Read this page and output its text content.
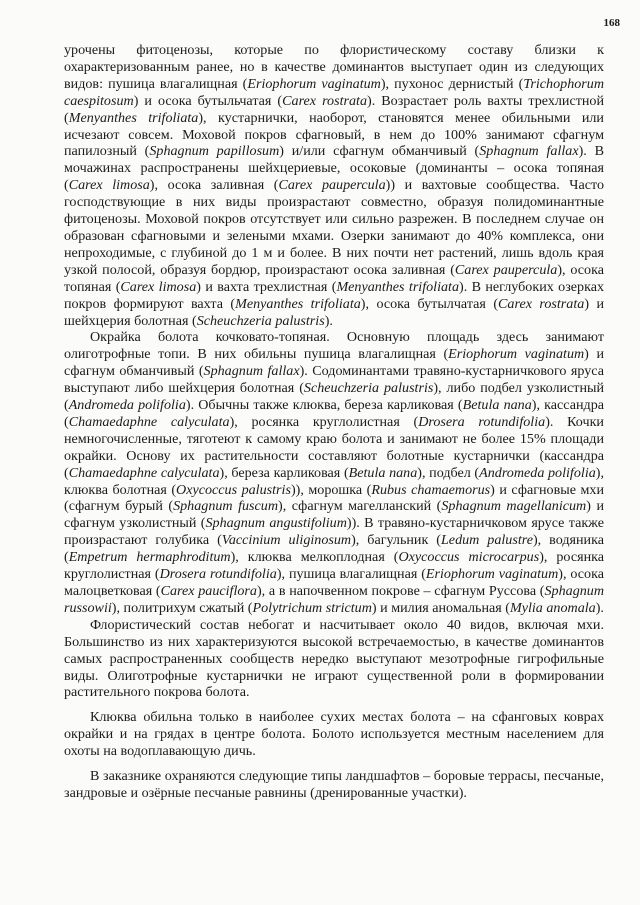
168

урочены фитоценозы, которые по флористическому составу близки к охарактеризованным ранее, но в качестве доминантов выступает один из следующих видов: пушица влагалищная (Eriophorum vaginatum), пухонос дернистый (Trichophorum caespitosum) и осока бутыльчатая (Carex rostrata). Возрастает роль вахты трехлистной (Menyanthes trifoliata), кустарнички, наоборот, становятся менее обильными или исчезают совсем. Моховой покров сфагновый, в нем до 100% занимают сфагнум папилозный (Sphagnum papillosum) и/или сфагнум обманчивый (Sphagnum fallax). В мочажинах распространены шейхцериевые, осоковые (доминанты – осока топяная (Carex limosa), осока заливная (Carex paupercula)) и вахтовые сообщества. Часто господствующие в них виды произрастают совместно, образуя полидоминантные фитоценозы. Моховой покров отсутствует или сильно разрежен. В последнем случае он образован сфагновыми и зелеными мхами. Озерки занимают до 40% комплекса, они непроходимые, с глубиной до 1 м и более. В них почти нет растений, лишь вдоль края узкой полосой, образуя бордюр, произрастают осока заливная (Carex paupercula), осока топяная (Carex limosa) и вахта трехлистная (Menyanthes trifoliata). В неглубоких озерках покров формируют вахта (Menyanthes trifoliata), осока бутылчатая (Carex rostrata) и шейхцерия болотная (Scheuchzeria palustris).

Окрайка болота кочковато-топяная. Основную площадь здесь занимают олиготрофные топи. В них обильны пушица влагалищная (Eriophorum vaginatum) и сфагнум обманчивый (Sphagnum fallax). Содоминантами травяно-кустарничкового яруса выступают либо шейхцерия болотная (Scheuchzeria palustris), либо подбел узколистный (Andromeda polifolia). Обычны также клюква, береза карликовая (Betula nana), кассандра (Chamaedaphne calyculata), росянка круглолистная (Drosera rotundifolia). Кочки немногочисленные, тяготеют к самому краю болота и занимают не более 15% площади окрайки. Основу их растительности составляют болотные кустарнички (кассандра (Chamaedaphne calyculata), береза карликовая (Betula nana), подбел (Andromeda polifolia), клюква болотная (Oxycoccus palustris)), морошка (Rubus chamaemorus) и сфагновые мхи (сфагнум бурый (Sphagnum fuscum), сфагнум магелланский (Sphagnum magellanicum) и сфагнум узколистный (Sphagnum angustifolium)). В травяно-кустарничковом ярусе также произрастают голубика (Vaccinium uliginosum), багульник (Ledum palustre), водяника (Empetrum hermaphroditum), клюква мелкоплодная (Oxycoccus microcarpus), росянка круглолистная (Drosera rotundifolia), пушица влагалищная (Eriophorum vaginatum), осока малоцветковая (Carex pauciflora), а в напочвенном покрове – сфагнум Руссова (Sphagnum russowii), политрихум сжатый (Polytrichum strictum) и милия аномальная (Mylia anomala).

Флористический состав небогат и насчитывает около 40 видов, включая мхи. Большинство из них характеризуются высокой встречаемостью, в качестве доминантов самых распространенных сообществ нередко выступают мезотрофные гигрофильные виды. Олиготрофные кустарнички не играют существенной роли в формировании растительного покрова болота.

Клюква обильна только в наиболее сухих местах болота – на сфанговых коврах окрайки и на грядах в центре болота. Болото используется местным населением для охоты на водоплавающую дичь.

В заказнике охраняются следующие типы ландшафтов – боровые террасы, песчаные, зандровые и озёрные песчаные равнины (дренированные участки).
